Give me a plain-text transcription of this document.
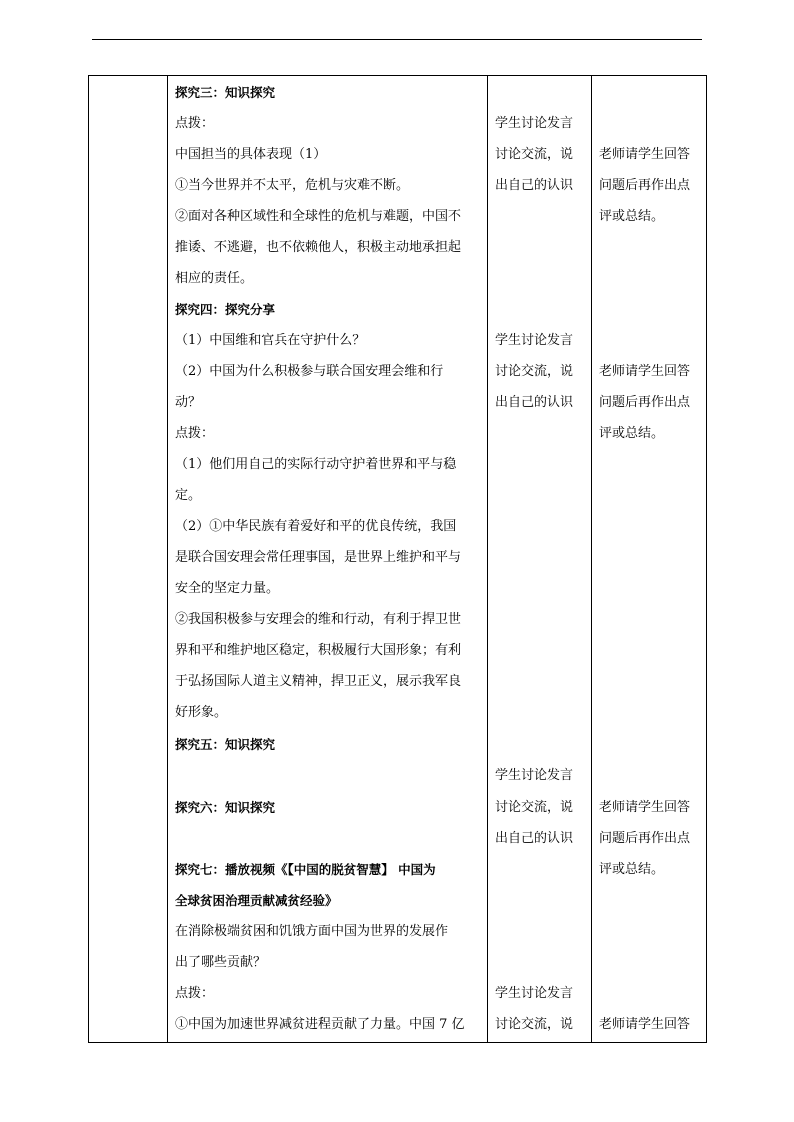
探究三：知识探究
点拨：
中国担当的具体表现（1）
①当今世界并不太平，危机与灾难不断。
②面对各种区域性和全球性的危机与难题，中国不
推诿、不逃避，也不依赖他人，积极主动地承担起
相应的责任。
探究四：探究分享
（1）中国维和官兵在守护什么？
（2）中国为什么积极参与联合国安理会维和行
动？
点拨：
（1）他们用自己的实际行动守护着世界和平与稳
定。
（2）①中华民族有着爱好和平的优良传统，我国
是联合国安理会常任理事国，是世界上维护和平与
安全的坚定力量。
②我国积极参与安理会的维和行动，有利于捍卫世
界和平和维护地区稳定，积极履行大国形象；有利
于弘扬国际人道主义精神，捍卫正义，展示我军良
好形象。
探究五：知识探究
探究六：知识探究
探究七：播放视频《【中国的脱贫智慧】 中国为
全球贫困治理贡献减贫经验》
在消除极端贫困和饥饿方面中国为世界的发展作
出了哪些贡献？
点拨：
①中国为加速世界减贫进程贡献了力量。中国 7 亿
学生讨论发言
讨论交流，说
出自己的认识
学生讨论发言
讨论交流，说
出自己的认识
学生讨论发言
讨论交流，说
出自己的认识
学生讨论发言
讨论交流，说
老师请学生回答
问题后再作出点
评或总结。
老师请学生回答
问题后再作出点
评或总结。
老师请学生回答
问题后再作出点
评或总结。
老师请学生回答
